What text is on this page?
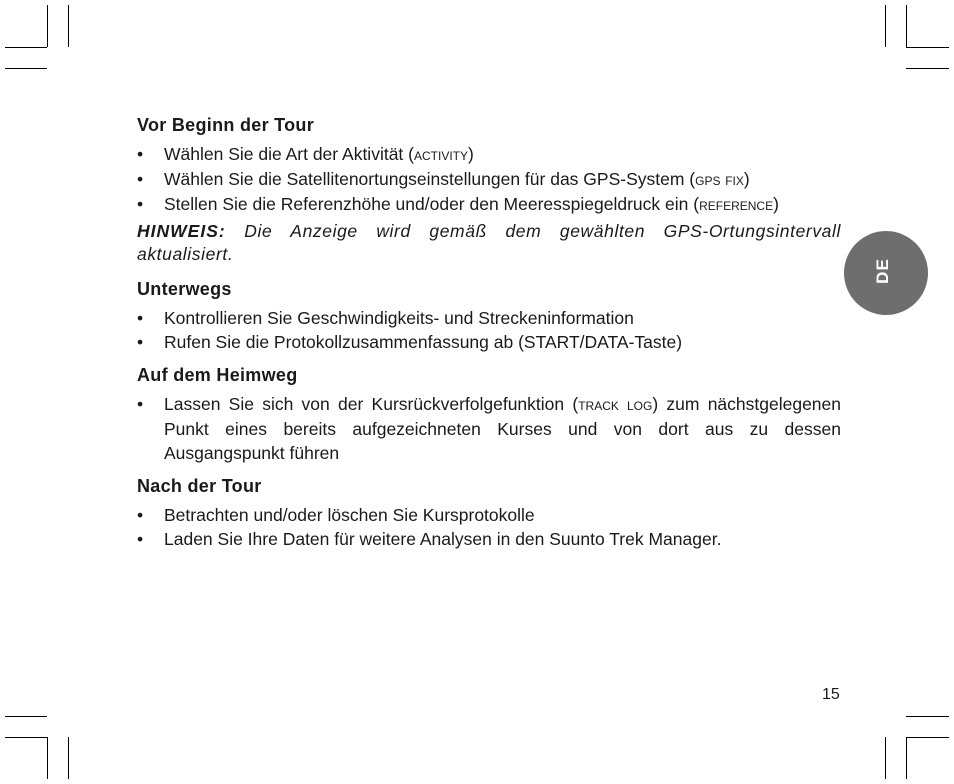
Vor Beginn der Tour
• Wählen Sie die Art der Aktivität (activity)
• Wählen Sie die Satellitenortungseinstellungen für das GPS-System (gps fix)
• Stellen Sie die Referenzhöhe und/oder den Meeresspiegeldruck ein (reference)

HINWEIS: Die Anzeige wird gemäß dem gewählten GPS-Ortungsintervall aktualisiert.

Unterwegs
• Kontrollieren Sie Geschwindigkeits- und Streckeninformation
• Rufen Sie die Protokollzusammenfassung ab (START/DATA-Taste)
Auf dem Heimweg
• Lassen Sie sich von der Kursrückverfolgefunktion (track log) zum nächstgelegenen Punkt eines bereits aufgezeichneten Kurses und von dort aus zu dessen Ausgangspunkt führen
Nach der Tour
• Betrachten und/oder löschen Sie Kursprotokolle
• Laden Sie Ihre Daten für weitere Analysen in den Suunto Trek Manager.
DE
15
